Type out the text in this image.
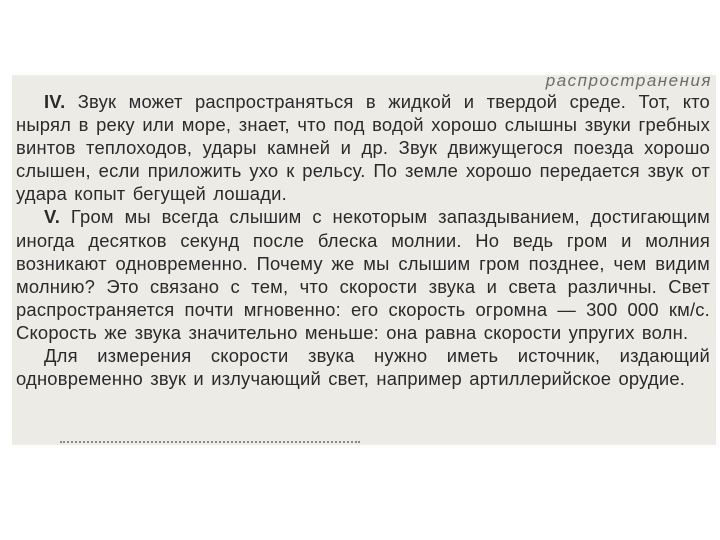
распространения

IV. Звук может распространяться в жидкой и твердой среде. Тот, кто нырял в реку или море, знает, что под водой хорошо слышны звуки гребных винтов теплоходов, удары камней и др. Звук движущегося поезда хорошо слышен, если приложить ухо к рельсу. По земле хорошо передается звук от удара копыт бегущей лошади.

V. Гром мы всегда слышим с некоторым запаздыванием, достигающим иногда десятков секунд после блеска молнии. Но ведь гром и молния возникают одновременно. Почему же мы слышим гром позднее, чем видим молнию? Это связано с тем, что скорости звука и света различны. Свет распространяется почти мгновенно: его скорость огромна — 300 000 км/с. Скорость же звука значительно меньше: она равна скорости упругих волн.

Для измерения скорости звука нужно иметь источник, издающий одновременно звук и излучающий свет, например артиллерийское орудие.
